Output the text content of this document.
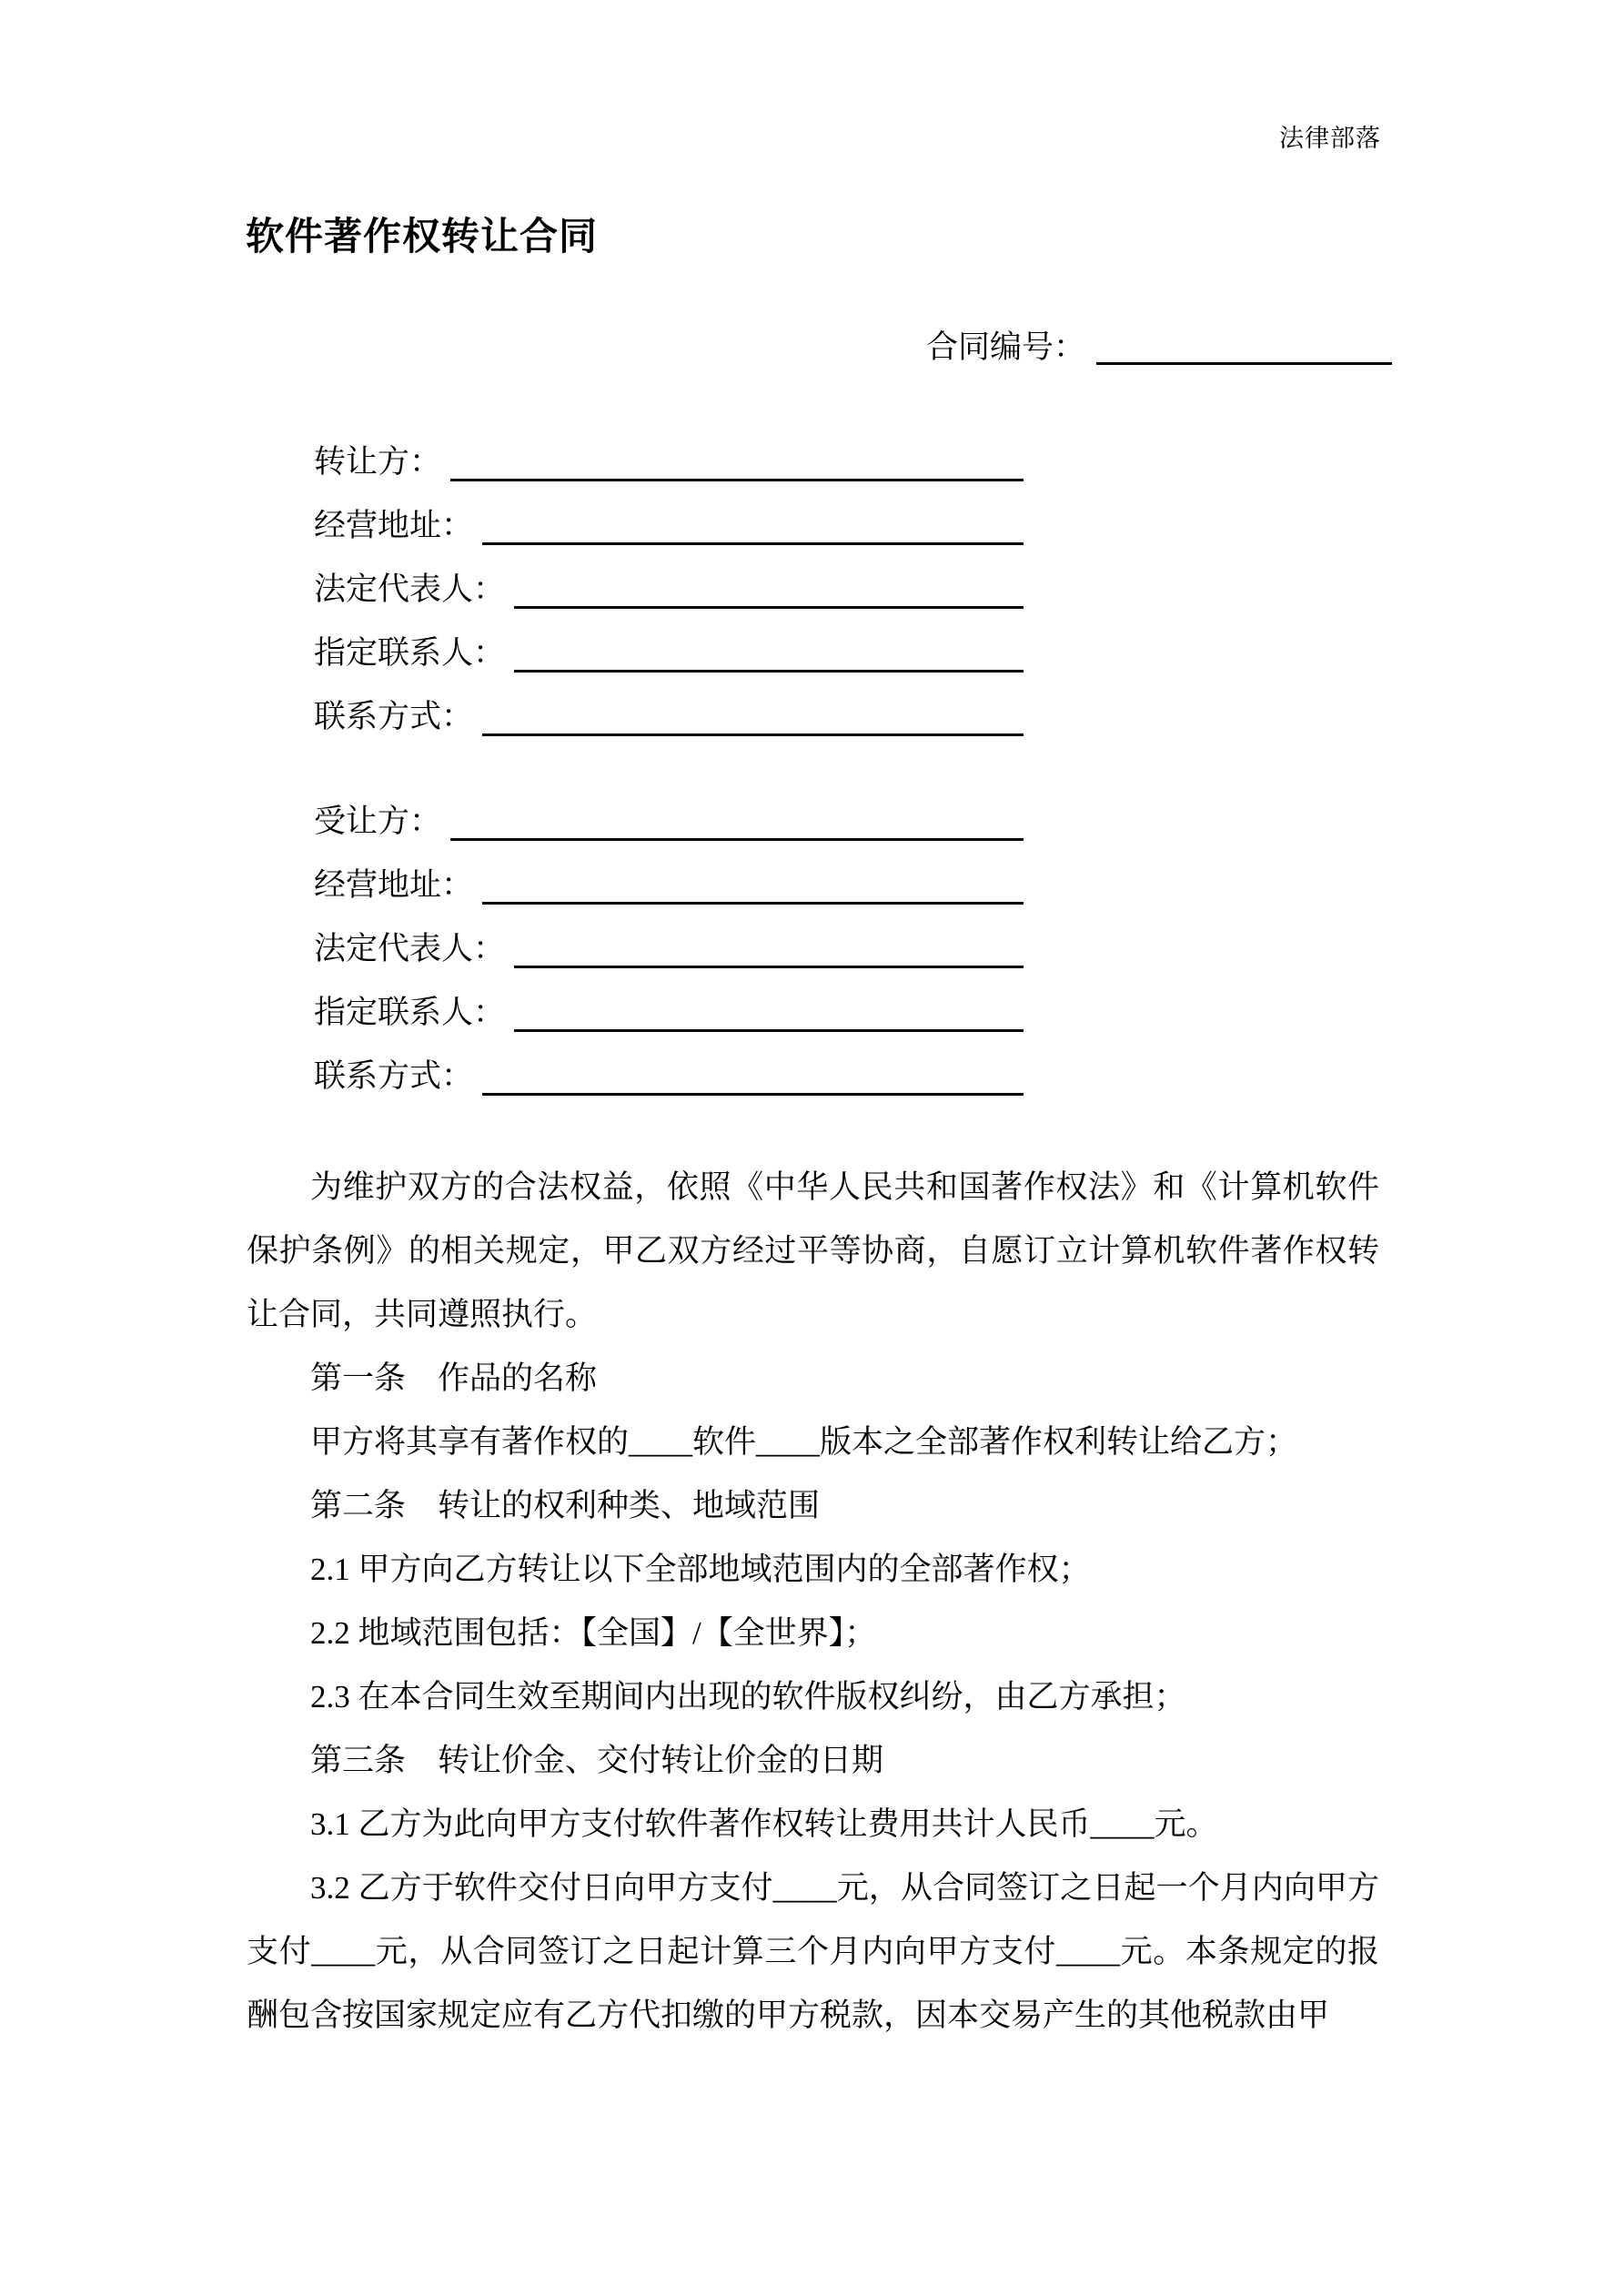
法律部落
软件著作权转让合同
合同编号：
转让方：
经营地址：
法定代表人：
指定联系人：
联系方式：
受让方：
经营地址：
法定代表人：
指定联系人：
联系方式：

为维护双方的合法权益，依照《中华人民共和国著作权法》和《计算机软件保护条例》的相关规定，甲乙双方经过平等协商，自愿订立计算机软件著作权转让合同，共同遵照执行。

第一条　作品的名称

甲方将其享有著作权的____软件____版本之全部著作权利转让给乙方；

第二条　转让的权利种类、地域范围

2.1 甲方向乙方转让以下全部地域范围内的全部著作权；

2.2 地域范围包括：【全国】/【全世界】；

2.3 在本合同生效至期间内出现的软件版权纠纷，由乙方承担；

第三条　转让价金、交付转让价金的日期

3.1 乙方为此向甲方支付软件著作权转让费用共计人民币____元。

3.2 乙方于软件交付日向甲方支付____元，从合同签订之日起一个月内向甲方支付____元，从合同签订之日起计算三个月内向甲方支付____元。本条规定的报酬包含按国家规定应有乙方代扣缴的甲方税款，因本交易产生的其他税款由甲
